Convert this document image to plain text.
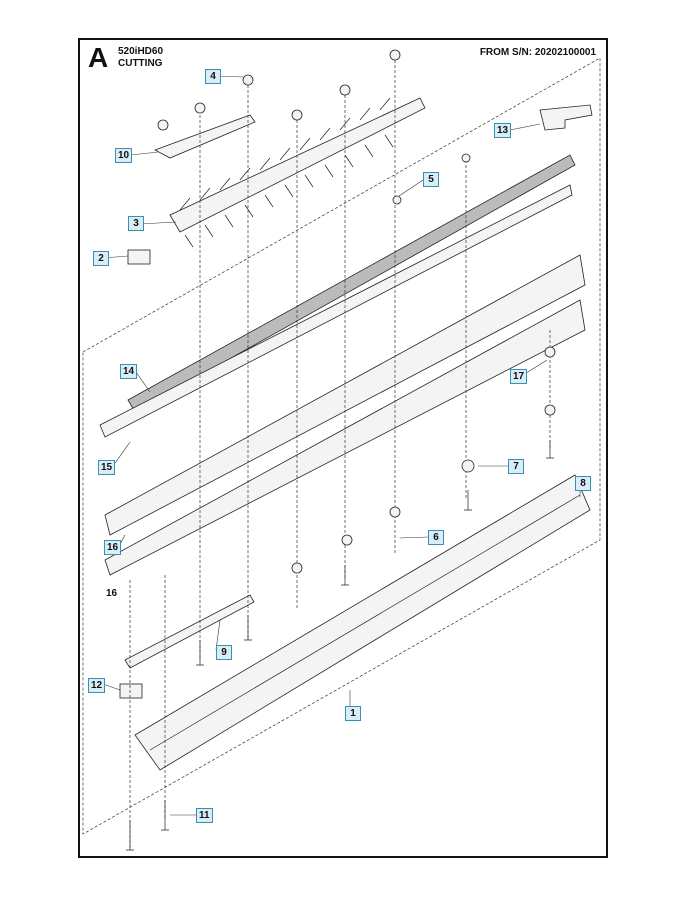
A 520iHD60
CUTTING
FROM S/N: 20202100001
4
5
3
2
10
13
14
15
17
7
8
6
16
16
9
12
1
11
